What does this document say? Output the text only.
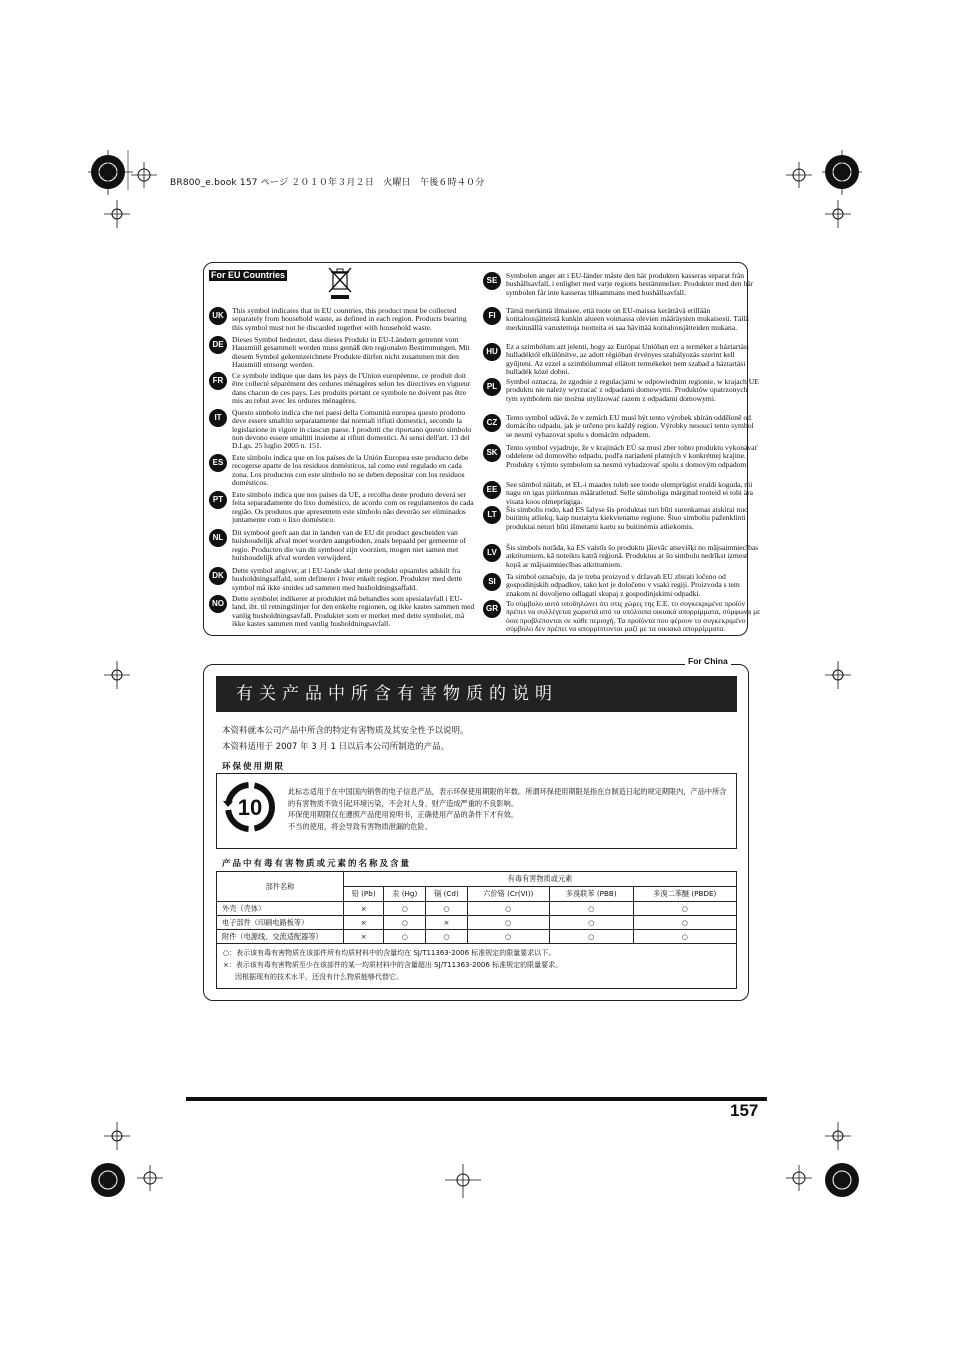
BR800_e.book 157 ページ ２０１０年３月２日　火曜日　午後６時４０分
For EU Countries
For China
有关产品中所含有害物质的说明
本资料就本公司产品中所含的特定有害物质及其安全性予以说明。
本资料适用于 2007 年 3 月 1 日以后本公司所制造的产品。
环保使用期限
10
此标志适用于在中国国内销售的电子信息产品，表示环保使用期限的年数。所谓环保使用期限是指在自制造日起的规定期限内，产品中所含的有害物质不致引起环境污染，不会对人身、财产造成严重的不良影响。
环保使用期限仅在遵照产品使用说明书，正确使用产品的条件下才有效。
不当的使用，将会导致有害物质泄漏的危险。
产品中有毒有害物质或元素的名称及含量
部件名称	有毒有害物质或元素					
	铅 (Pb)	汞 (Hg)	镉 (Cd)	六价铬 (Cr(VI))	多溴联苯 (PBB)	多溴二苯醚 (PBDE)
外壳（壳体）	×	○	○	○	○	○
电子部件（印刷电路板等）	×	○	×	○	○	○
附件（电源线、交流适配器等）	×	○	○	○	○	○
○：表示该有毒有害物质在该部件所有均质材料中的含量均在 SJ/T11363-2006 标准规定的限量要求以下。
×：表示该有毒有害物质至少在该部件的某一均质材料中的含量超出 SJ/T11363-2006 标准规定的限量要求。
因根据现有的技术水平，还没有什么物质能够代替它。
157
UK
This symbol indicates that in EU countries, this product must be collected separately from household waste, as defined in each region. Products bearing this symbol must not be discarded together with household waste.
DE
Dieses Symbol bedeutet, dass dieses Produkt in EU-Ländern getrennt vom Hausmüll gesammelt werden muss gemäß den regionalen Bestimmungen. Mit diesem Symbol gekennzeichnete Produkte dürfen nicht zusammen mit den Hausmüll entsorgt werden.
FR
Ce symbole indique que dans les pays de l'Union européenne, ce produit doit être collecté séparément des ordures ménagères selon les directives en vigueur dans chacun de ces pays. Les produits portant ce symbole ne doivent pas être mis au rebut avec les ordures ménagères.
IT
Questo simbolo indica che nei paesi della Comunità europea questo prodotto deve essere smaltito separatamente dai normali rifiuti domestici, secondo la legislazione in vigore in ciascun paese. I prodotti che riportano questo simbolo non devono essere smaltiti insieme ai rifiuti domestici. Ai sensi dell'art. 13 del D.Lgs. 25 luglio 2005 n. 151.
ES
Este símbolo indica que en los países de la Unión Europea este producto debe recogerse aparte de los residuos domésticos, tal como esté regulado en cada zona. Los productos con este símbolo no se deben depositar con los residuos domésticos.
PT
Este símbolo indica que nos países da UE, a recolha deste produto deverá ser feita separadamente do lixo doméstico, de acordo com os regulamentos de cada região. Os produtos que apresentem este símbolo não deverão ser eliminados juntamente com o lixo doméstico.
NL
Dit symbool geeft aan dat in landen van de EU dit product gescheiden van huishoudelijk afval moet worden aangeboden, zoals bepaald per gemeente of regio. Producten die van dit symbool zijn voorzien, mogen niet samen met huishoudelijk afval worden verwijderd.
DK
Dette symbol angiver, at i EU-lande skal dette produkt opsamles adskilt fra husholdningsaffald, som defineret i hver enkelt region. Produkter med dette symbol må ikke smides ud sammen med husholdningsaffald.
NO
Dette symbolet indikerer at produktet må behandles som spesialavfall i EU-land, iht. til retningslinjer for den enkelte regionen, og ikke kastes sammen med vanlig husholdningsavfall. Produkter som er merket med dette symbolet, må ikke kastes sammen med vanlig husholdningsavfall.
SE
Symbolen anger att i EU-länder måste den här produkten kasseras separat från hushållsavfall, i enlighet med varje regions bestämmelser. Produkter med den här symbolen får inte kasseras tillsammans med hushållsavfall.
FI
Tämä merkintä ilmaisee, että tuote on EU-maissa kerättävä erillään kotitalousjätteistä kunkin alueen voimassa olevien määräysten mukaisesti. Tällä merkinnällä varustettuja tuotteita ei saa hävittää kotitalousjätteiden mukana.
HU
Ez a szimbólum azt jelenti, hogy az Európai Unióban ezt a terméket a háztartási hulladéktól elkülönítve, az adott régióban érvényes szabályozás szerint kell gyűjteni. Az ezzel a szimbólummal ellátott termékeket nem szabad a háztartási hulladék közé dobni.
PL
Symbol oznacza, że zgodnie z regulacjami w odpowiednim regionie, w krajach UE produktu nie należy wyrzucać z odpadami domowymi. Produktów opatrzonych tym symbolem nie można utylizować razem z odpadami domowymi.
CZ
Tento symbol udává, že v zemích EU musí být tento výrobek sbírán odděleně od domácího odpadu, jak je určeno pro každý region. Výrobky nesoucí tento symbol se nesmí vyhazovat spolu s domácím odpadem.
SK
Tento symbol vyjadruje, že v krajinách EÚ sa musí zber tohto produktu vykonávať oddelene od domového odpadu, podľa nariadení platných v konkrétnej krajine. Produkty s týmto symbolom sa nesmú vyhadzovať spolu s domovým odpadom.
EE
See sümbol näitab, et EL-i maades tuleb see toode olemprügist eraldi koguda, nii nagu on igas piirkonnas määratletud. Selle sümboliga märgitud tooteid ei tohi ära visata koos olmeprügiga.
LT
Šis simbolis rodo, kad ES šalyse šis produktas turi būti surenkamas atskirai nuo buitinių atliekų, kaip nustatyta kiekviename regione. Šiuo simboliu paženklinti produktai neturi būti išmetami kartu su buitinėmis atliekomis.
LV
Šis simbols norāda, ka ES valstīs šo produktu jāievāc atsevišķi no mājsaimniecības atkritumiem, kā noteikts katrā reģionā. Produktus ar šo simbolu nedrīkst izmest kopā ar mājsaimniecības atkritumiem.
SI
Ta simbol označuje, da je treba proizvod v državah EU zbirati ločeno od gospodinjskih odpadkov, tako kot je določeno v vsaki regiji. Proizvoda s tem znakom ni dovoljeno odlagati skupaj z gospodinjskimi odpadki.
GR
Το σύμβολο αυτό υποδηλώνει ότι στις χώρες της Ε.Ε. το συγκεκριμένο προϊόν πρέπει να συλλέγεται χωριστά από τα υπόλοιπα οικιακά απορρίμματα, σύμφωνα με όσα προβλέπονται σε κάθε περιοχή. Τα προϊόντα που φέρουν το συγκεκριμένο σύμβολο δεν πρέπει να απορρίπτονται μαζί με τα οικιακά απορρίμματα.
